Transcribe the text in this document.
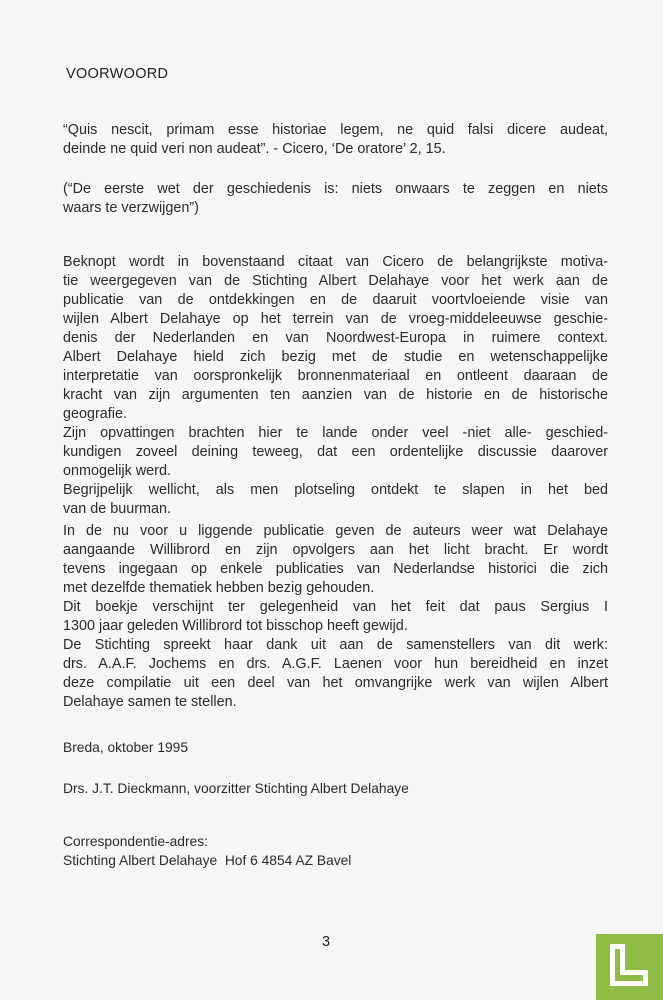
VOORWOORD
“Quis nescit, primam esse historiae legem, ne quid falsi dicere audeat,
deinde ne quid veri non audeat”. - Cicero, ‘De oratore’ 2, 15.
(“De eerste wet der geschiedenis is: niets onwaars te zeggen en niets
waars te verzwijgen”)
Beknopt wordt in bovenstaand citaat van Cicero de belangrijkste motiva-
tie weergegeven van de Stichting Albert Delahaye voor het werk aan de
publicatie van de ontdekkingen en de daaruit voortvloeiende visie van
wijlen Albert Delahaye op het terrein van de vroeg-middeleeuwse geschie-
denis der Nederlanden en van Noordwest-Europa in ruimere context.
Albert Delahaye hield zich bezig met de studie en wetenschappelijke
interpretatie van oorspronkelijk bronnenmateriaal en ontleent daaraan de
kracht van zijn argumenten ten aanzien van de historie en de historische
geografie.
Zijn opvattingen brachten hier te lande onder veel -niet alle- geschied-
kundigen zoveel deining teweeg, dat een ordentelijke discussie daarover
onmogelijk werd.
Begrijpelijk wellicht, als men plotseling ontdekt te slapen in het bed
van de buurman.
In de nu voor u liggende publicatie geven de auteurs weer wat Delahaye
aangaande Willibrord en zijn opvolgers aan het licht bracht. Er wordt
tevens ingegaan op enkele publicaties van Nederlandse historici die zich
met dezelfde thematiek hebben bezig gehouden.
Dit boekje verschijnt ter gelegenheid van het feit dat paus Sergius I
1300 jaar geleden Willibrord tot bisschop heeft gewijd.
De Stichting spreekt haar dank uit aan de samenstellers van dit werk:
drs. A.A.F. Jochems en drs. A.G.F. Laenen voor hun bereidheid en inzet
deze compilatie uit een deel van het omvangrijke werk van wijlen Albert
Delahaye samen te stellen.
Breda, oktober 1995
Drs. J.T. Dieckmann, voorzitter Stichting Albert Delahaye
Correspondentie-adres:
Stichting Albert Delahaye  Hof 6 4854 AZ Bavel
3
